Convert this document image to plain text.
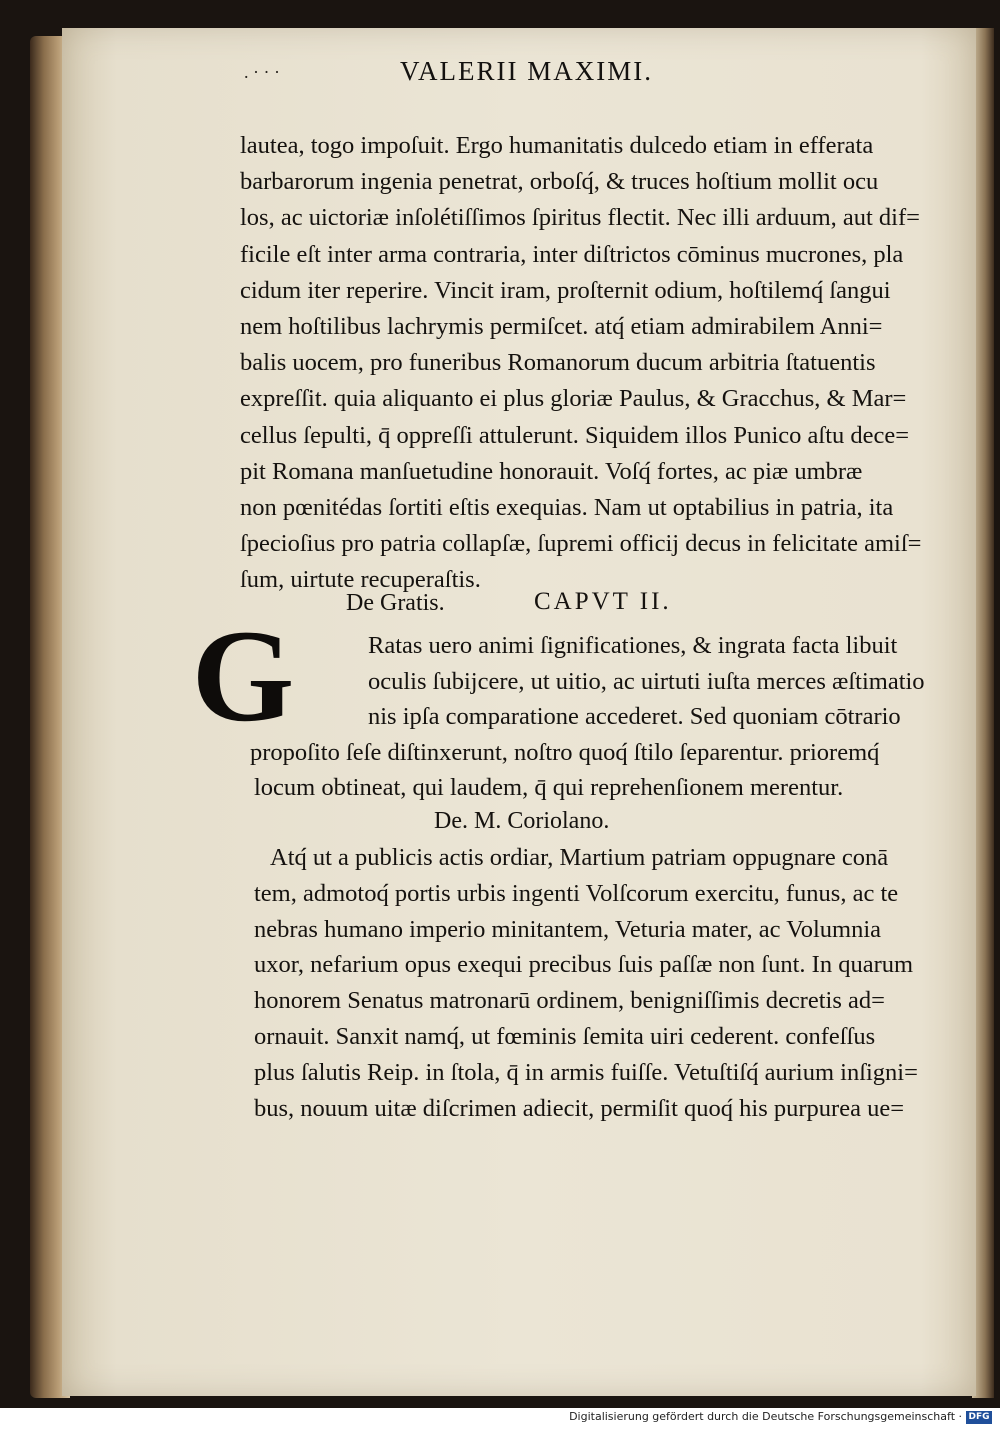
. · · ·	VALERII MAXIMI.
lautea, togo impoſuit. Ergo humanitatis dulcedo etiam in efferata
barbarorum ingenia penetrat, orboſq́, & truces hoſtium mollit ocu
los, ac uictoriæ inſolétiſſimos ſpiritus flectit. Nec illi arduum, aut dif=
ficile eſt inter arma contraria, inter diſtrictos cōminus mucrones, pla
cidum iter reperire. Vincit iram, proſternit odium, hoſtilemq́ ſangui
nem hoſtilibus lachrymis permiſcet. atq́ etiam admirabilem Anni=
balis uocem, pro funeribus Romanorum ducum arbitria ſtatuentis
expreſſit. quia aliquanto ei plus gloriæ Paulus, & Gracchus, & Mar=
cellus ſepulti, q̄ oppreſſi attulerunt. Siquidem illos Punico aſtu dece=
pit Romana manſuetudine honorauit. Voſq́ fortes, ac piæ umbræ
non pœnitédas ſortiti eſtis exequias. Nam ut optabilius in patria, ita
ſpecioſius pro patria collapſæ, ſupremi officij decus in felicitate amiſ=
ſum, uirtute recuperaſtis.
De Gratis.	CAPVT II.
G	Ratas uero animi ſignificationes, & ingrata facta libuit
oculis ſubijcere, ut uitio, ac uirtuti iuſta merces æſtimatio
nis ipſa comparatione accederet. Sed quoniam cōtrario
propoſito ſeſe diſtinxerunt, noſtro quoq́ ſtilo ſeparentur. prioremq́
locum obtineat, qui laudem, q̄ qui reprehenſionem merentur.
De. M. Coriolano.
Atq́ ut a publicis actis ordiar, Martium patriam oppugnare conā
tem, admotoq́ portis urbis ingenti Volſcorum exercitu, funus, ac te
nebras humano imperio minitantem, Veturia mater, ac Volumnia
uxor, nefarium opus exequi precibus ſuis paſſæ non ſunt. In quarum
honorem Senatus matronarū ordinem, benigniſſimis decretis ad=
ornauit. Sanxit namq́, ut fœminis ſemita uiri cederent. confeſſus
plus ſalutis Reip. in ſtola, q̄ in armis fuiſſe. Vetuſtiſq́ aurium inſigni=
bus, nouum uitæ diſcrimen adiecit, permiſit quoq́ his purpurea ue=
Digitalisierung gefördert durch die Deutsche Forschungsgemeinschaft · DFG
